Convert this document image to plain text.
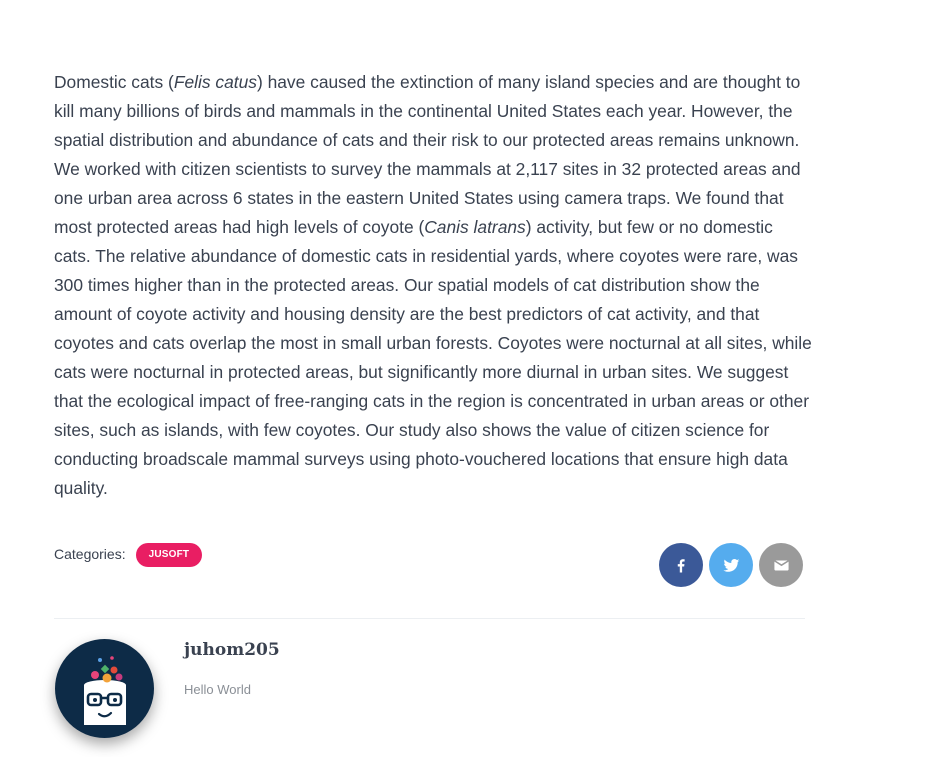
Domestic cats (Felis catus) have caused the extinction of many island species and are thought to kill many billions of birds and mammals in the continental United States each year. However, the spatial distribution and abundance of cats and their risk to our protected areas remains unknown. We worked with citizen scientists to survey the mammals at 2,117 sites in 32 protected areas and one urban area across 6 states in the eastern United States using camera traps. We found that most protected areas had high levels of coyote (Canis latrans) activity, but few or no domestic cats. The relative abundance of domestic cats in residential yards, where coyotes were rare, was 300 times higher than in the protected areas. Our spatial models of cat distribution show the amount of coyote activity and housing density are the best predictors of cat activity, and that coyotes and cats overlap the most in small urban forests. Coyotes were nocturnal at all sites, while cats were nocturnal in protected areas, but significantly more diurnal in urban sites. We suggest that the ecological impact of free-ranging cats in the region is concentrated in urban areas or other sites, such as islands, with few coyotes. Our study also shows the value of citizen science for conducting broadscale mammal surveys using photo-vouchered locations that ensure high data quality.

Categories:	JUSOFT
juhom205
Hello World
